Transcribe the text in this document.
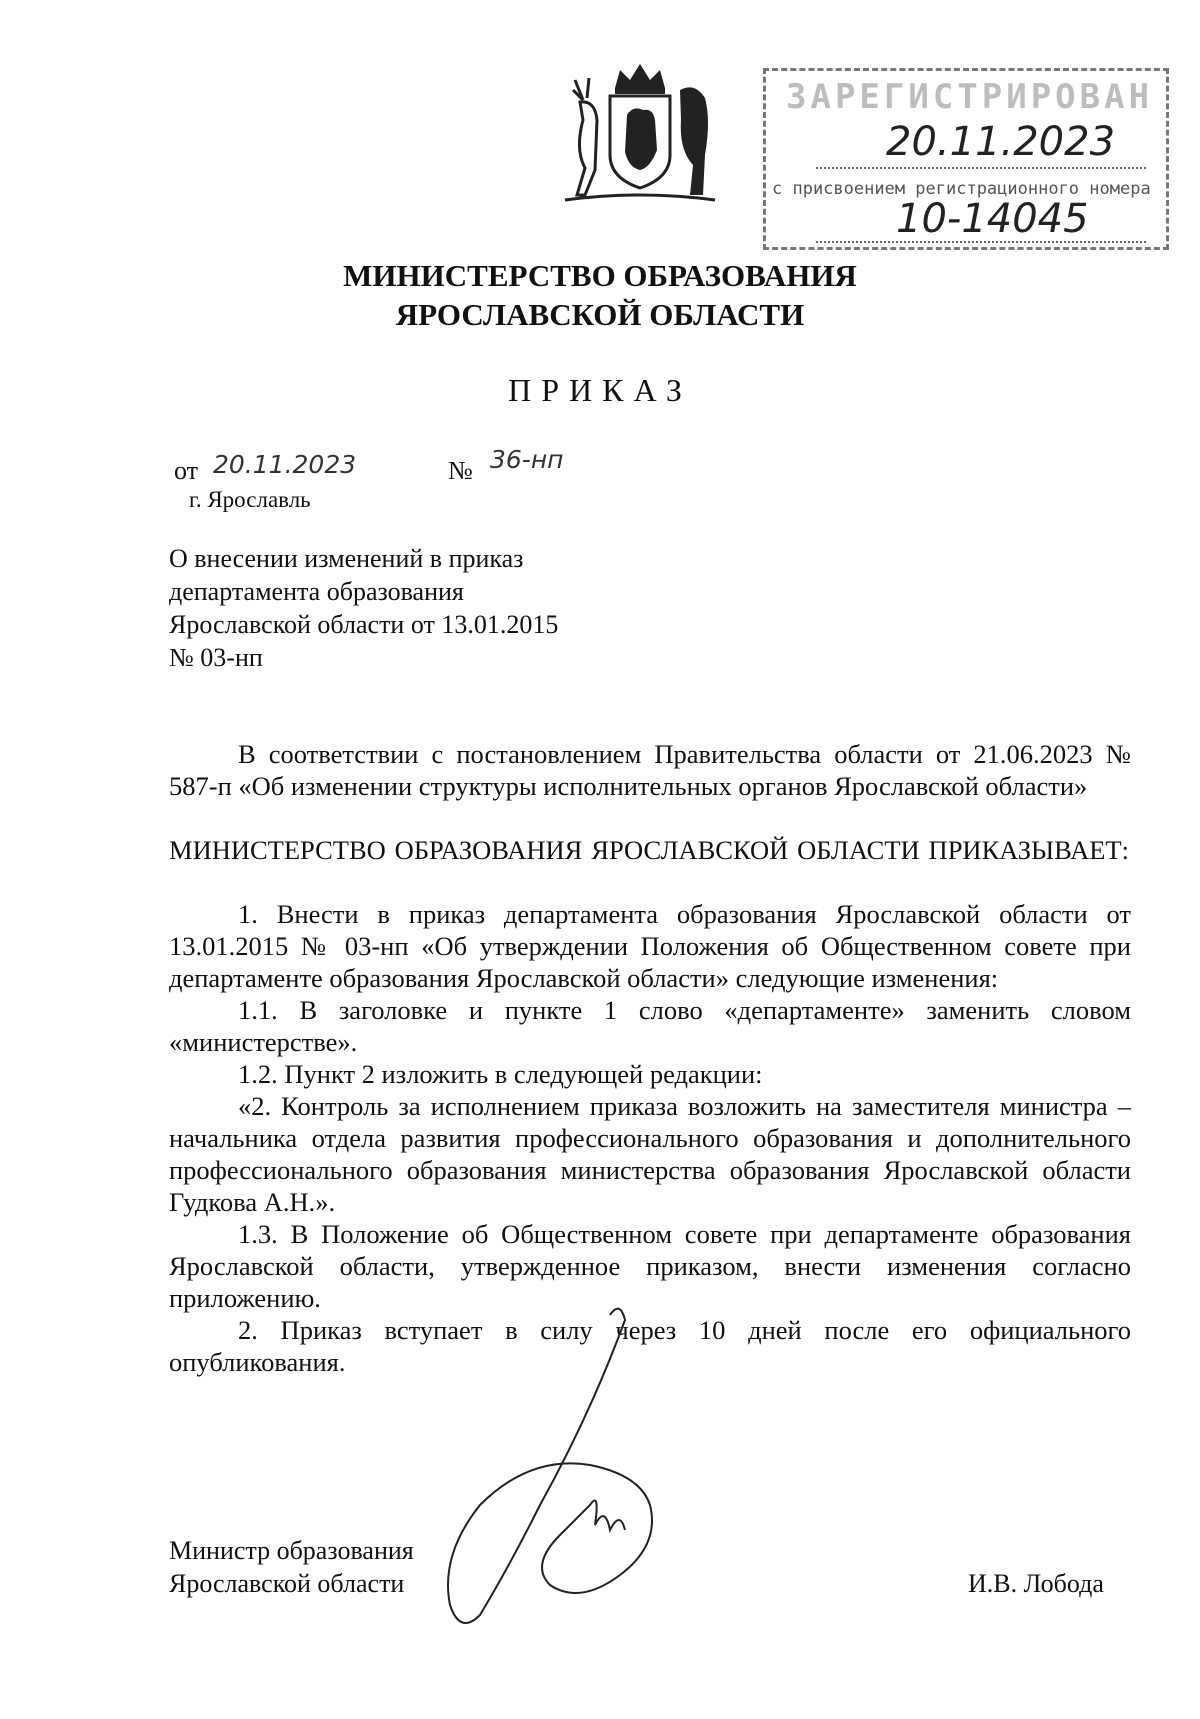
ЗАРЕГИСТРИРОВАН
20.11.2023
с присвоением регистрационного номера
10-14045
МИНИСТЕРСТВО ОБРАЗОВАНИЯ
ЯРОСЛАВСКОЙ ОБЛАСТИ
ПРИКАЗ
от 20.11.2023	№ 36-нп
г. Ярославль
О внесении изменений в приказ
департамента образования
Ярославской области от 13.01.2015
№ 03-нп
В соответствии с постановлением Правительства области от 21.06.2023 № 587-п «Об изменении структуры исполнительных органов Ярославской области»
МИНИСТЕРСТВО ОБРАЗОВАНИЯ ЯРОСЛАВСКОЙ ОБЛАСТИ ПРИКАЗЫВАЕТ:
1. Внести в приказ департамента образования Ярославской области от 13.01.2015 № 03-нп «Об утверждении Положения об Общественном совете при департаменте образования Ярославской области» следующие изменения:
1.1. В заголовке и пункте 1 слово «департаменте» заменить словом «министерстве».
1.2. Пункт 2 изложить в следующей редакции:
«2. Контроль за исполнением приказа возложить на заместителя министра – начальника отдела развития профессионального образования и дополнительного профессионального образования министерства образования Ярославской области Гудкова А.Н.».
1.3. В Положение об Общественном совете при департаменте образования Ярославской области, утвержденное приказом, внести изменения согласно приложению.
2. Приказ вступает в силу через 10 дней после его официального опубликования.
Министр образования
Ярославской области	И.В. Лобода
